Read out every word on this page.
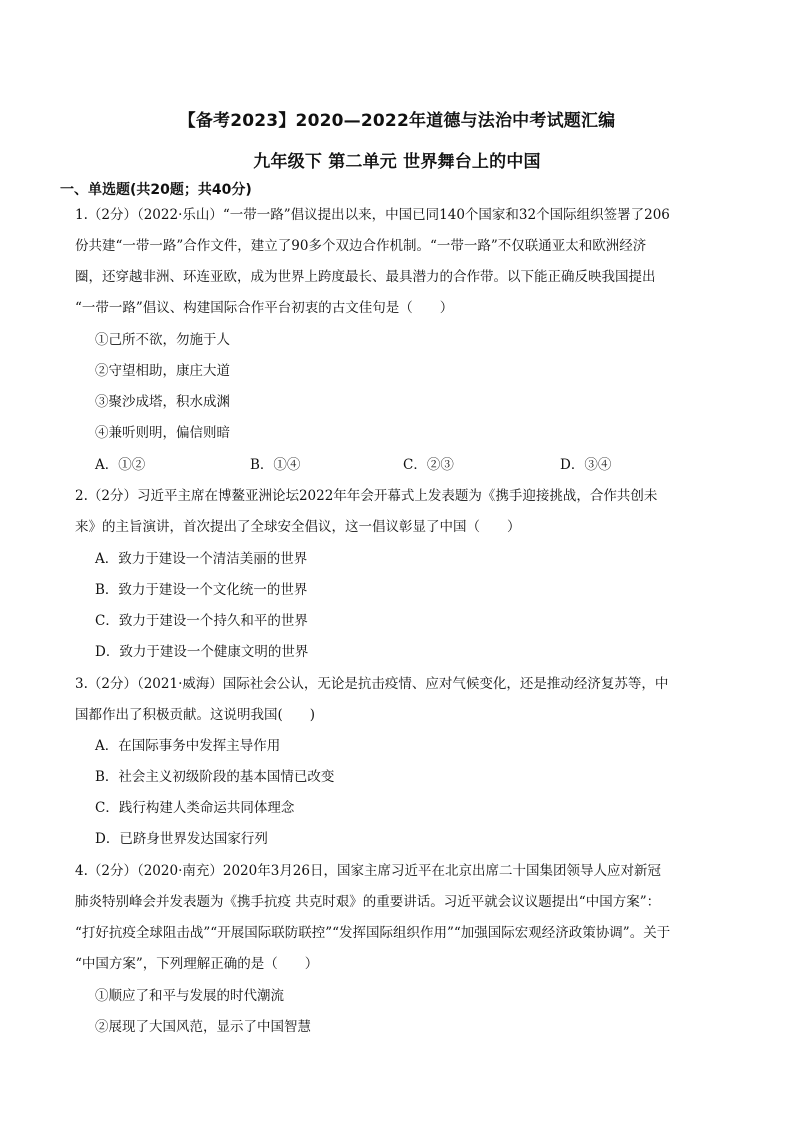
【备考2023】2020—2022年道德与法治中考试题汇编
九年级下 第二单元 世界舞台上的中国
一、单选题(共20题；共40分)
1.（2分）（2022·乐山）“一带一路”倡议提出以来，中国已同140个国家和32个国际组织签署了206
份共建“一带一路”合作文件，建立了90多个双边合作机制。“一带一路”不仅联通亚太和欧洲经济
圈，还穿越非洲、环连亚欧，成为世界上跨度最长、最具潜力的合作带。以下能正确反映我国提出
“一带一路”倡议、构建国际合作平台初衷的古文佳句是（　　）
①己所不欲，勿施于人
②守望相助，康庄大道
③聚沙成塔，积水成渊
④兼听则明，偏信则暗
A．①②	B．①④	C．②③	D．③④
2.（2分）习近平主席在博鳌亚洲论坛2022年年会开幕式上发表题为《携手迎接挑战，合作共创未
来》的主旨演讲，首次提出了全球安全倡议，这一倡议彰显了中国（　　）
A．致力于建设一个清洁美丽的世界
B．致力于建设一个文化统一的世界
C．致力于建设一个持久和平的世界
D．致力于建设一个健康文明的世界
3.（2分）（2021·威海）国际社会公认，无论是抗击疫情、应对气候变化，还是推动经济复苏等，中
国都作出了积极贡献。这说明我国(　　)
A．在国际事务中发挥主导作用
B．社会主义初级阶段的基本国情已改变
C．践行构建人类命运共同体理念
D．已跻身世界发达国家行列
4.（2分）（2020·南充）2020年3月26日，国家主席习近平在北京出席二十国集团领导人应对新冠
肺炎特别峰会并发表题为《携手抗疫 共克时艰》的重要讲话。习近平就会议议题提出“中国方案”：
“打好抗疫全球阻击战”“开展国际联防联控”“发挥国际组织作用”“加强国际宏观经济政策协调”。关于
“中国方案”，下列理解正确的是（　　）
①顺应了和平与发展的时代潮流
②展现了大国风范，显示了中国智慧
